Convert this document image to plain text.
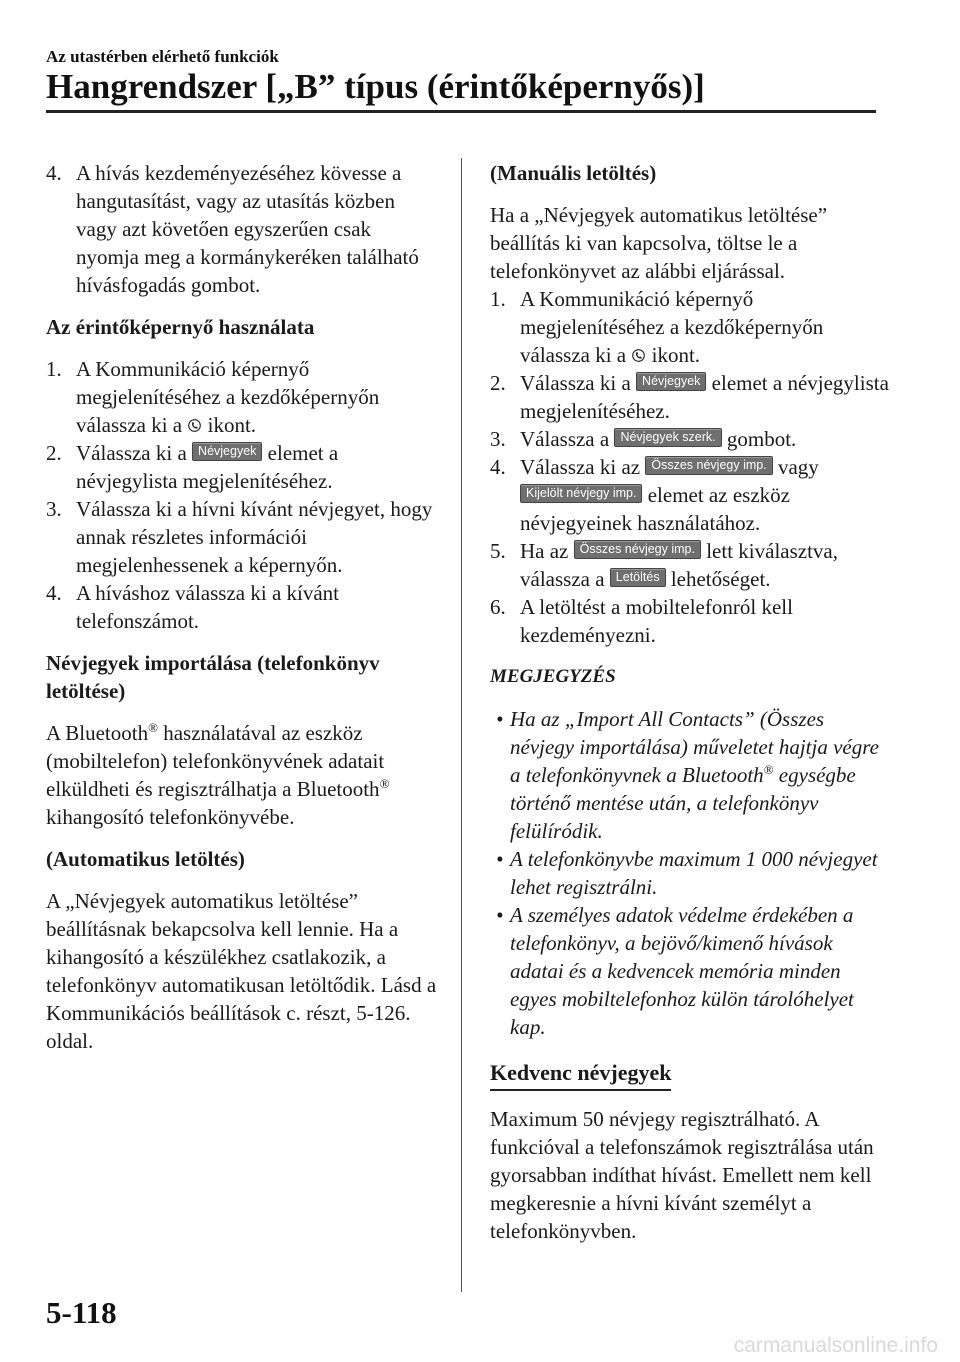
Az utastérben elérhető funkciók
Hangrendszer [„B” típus (érintőképernyős)]

4. A hívás kezdeményezéséhez kövesse a hangutasítást, vagy az utasítás közben vagy azt követően egyszerűen csak nyomja meg a kormánykeréken található hívásfogadás gombot.

Az érintőképernyő használata

1. A Kommunikáció képernyő megjelenítéséhez a kezdőképernyőn válassza ki a ikont.

2. Válassza ki a Névjegyek elemet a névjegylista megjelenítéséhez.

3. Válassza ki a hívni kívánt névjegyet, hogy annak részletes információi megjelenhessenek a képernyőn.

4. A híváshoz válassza ki a kívánt telefonszámot.

Névjegyek importálása (telefonkönyv letöltése)

A Bluetooth® használatával az eszköz (mobiltelefon) telefonkönyvének adatait elküldheti és regisztrálhatja a Bluetooth® kihangosító telefonkönyvébe.

(Automatikus letöltés)

A „Névjegyek automatikus letöltése” beállításnak bekapcsolva kell lennie. Ha a kihangosító a készülékhez csatlakozik, a telefonkönyv automatikusan letöltődik. Lásd a Kommunikációs beállítások c. részt, 5-126. oldal.

(Manuális letöltés)

Ha a „Névjegyek automatikus letöltése” beállítás ki van kapcsolva, töltse le a telefonkönyvet az alábbi eljárással.

1. A Kommunikáció képernyő megjelenítéséhez a kezdőképernyőn válassza ki a ikont.

2. Válassza ki a Névjegyek elemet a névjegylista megjelenítéséhez.

3. Válassza a Névjegyek szerk. gombot.

4. Válassza ki az Összes névjegy imp. vagy Kijelölt névjegy imp. elemet az eszköz névjegyeinek használatához.

5. Ha az Összes névjegy imp. lett kiválasztva, válassza a Letöltés lehetőséget.

6. A letöltést a mobiltelefonról kell kezdeményezni.

MEGJEGYZÉS

• Ha az „Import All Contacts” (Összes névjegy importálása) műveletet hajtja végre a telefonkönyvnek a Bluetooth® egységbe történő mentése után, a telefonkönyv felülíródik.

• A telefonkönyvbe maximum 1 000 névjegyet lehet regisztrálni.

• A személyes adatok védelme érdekében a telefonkönyv, a bejövő/kimenő hívások adatai és a kedvencek memória minden egyes mobiltelefonhoz külön tárolóhelyet kap.

Kedvenc névjegyek

Maximum 50 névjegy regisztrálható. A funkcióval a telefonszámok regisztrálása után gyorsabban indíthat hívást. Emellett nem kell megkeresnie a hívni kívánt személyt a telefonkönyvben.

5-118
carmanualsonline.info
